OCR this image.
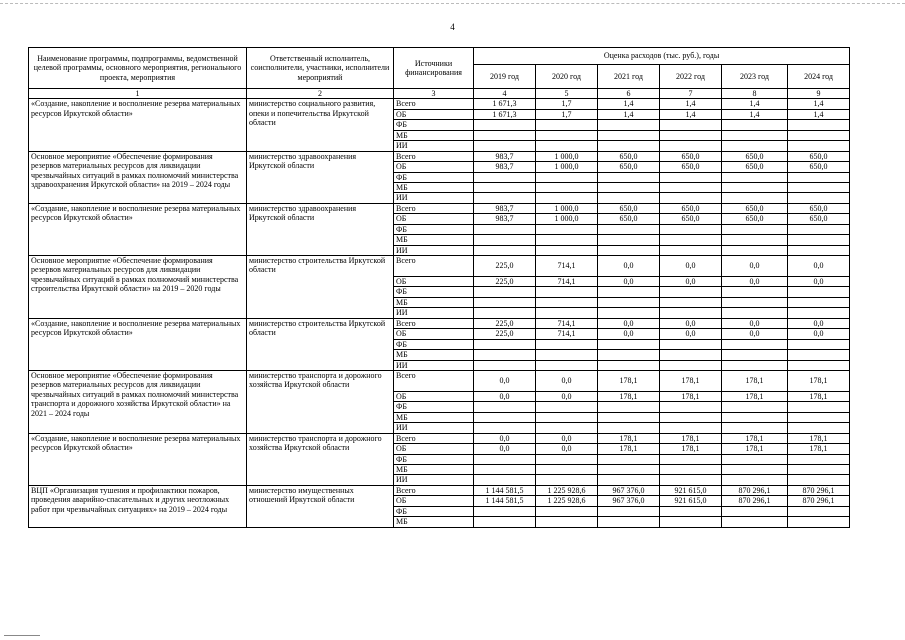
4
Наименование программы, подпрограммы, ведомственной целевой программы, основного мероприятия, регионального проекта, мероприятия	Ответственный исполнитель, соисполнители, участники, исполнители мероприятий	Источники финансирования	Оценка расходов (тыс. руб.), годы					
			2019 год	2020 год	2021 год	2022 год	2023 год	2024 год
1	2	3	4	5	6	7	8	9
«Создание, накопление и восполнение резерва материальных ресурсов Иркутской области»	министерство социального развития, опеки и попечительства Иркутской области	Всего	1 671,3	1,7	1,4	1,4	1,4	1,4
		ОБ	1 671,3	1,7	1,4	1,4	1,4	1,4
		ФБ						
		МБ						
		ИИ						
Основное мероприятие «Обеспечение формирования резервов материальных ресурсов для ликвидации чрезвычайных ситуаций в рамках полномочий министерства здравоохранения Иркутской области» на 2019 – 2024 годы	министерство здравоохранения Иркутской области	Всего	983,7	1 000,0	650,0	650,0	650,0	650,0
		ОБ	983,7	1 000,0	650,0	650,0	650,0	650,0
		ФБ						
		МБ						
		ИИ						
«Создание, накопление и восполнение резерва материальных ресурсов Иркутской области»	министерство здравоохранения Иркутской области	Всего	983,7	1 000,0	650,0	650,0	650,0	650,0
		ОБ	983,7	1 000,0	650,0	650,0	650,0	650,0
		ФБ						
		МБ						
		ИИ						
Основное мероприятие «Обеспечение формирования резервов материальных ресурсов для ликвидации чрезвычайных ситуаций в рамках полномочий министерства строительства Иркутской области» на 2019 – 2020 годы	министерство строительства Иркутской области	Всего	225,0	714,1	0,0	0,0	0,0	0,0
		ОБ	225,0	714,1	0,0	0,0	0,0	0,0
		ФБ						
		МБ						
		ИИ						
«Создание, накопление и восполнение резерва материальных ресурсов Иркутской области»	министерство строительства Иркутской области	Всего	225,0	714,1	0,0	0,0	0,0	0,0
		ОБ	225,0	714,1	0,0	0,0	0,0	0,0
		ФБ						
		МБ						
		ИИ						
Основное мероприятие «Обеспечение формирования резервов материальных ресурсов для ликвидации чрезвычайных ситуаций в рамках полномочий министерства транспорта и дорожного хозяйства Иркутской области» на 2021 – 2024 годы	министерство транспорта и дорожного хозяйства Иркутской области	Всего	0,0	0,0	178,1	178,1	178,1	178,1
		ОБ	0,0	0,0	178,1	178,1	178,1	178,1
		ФБ						
		МБ						
		ИИ						
«Создание, накопление и восполнение резерва материальных ресурсов Иркутской области»	министерство транспорта и дорожного хозяйства Иркутской области	Всего	0,0	0,0	178,1	178,1	178,1	178,1
		ОБ	0,0	0,0	178,1	178,1	178,1	178,1
		ФБ						
		МБ						
		ИИ						
ВЦП «Организация тушения и профилактики пожаров, проведения аварийно-спасательных и других неотложных работ при чрезвычайных ситуациях» на 2019 – 2024 годы	министерство имущественных отношений Иркутской области	Всего	1 144 581,5	1 225 928,6	967 376,0	921 615,0	870 296,1	870 296,1
		ОБ	1 144 581,5	1 225 928,6	967 376,0	921 615,0	870 296,1	870 296,1
		ФБ						
		МБ						
